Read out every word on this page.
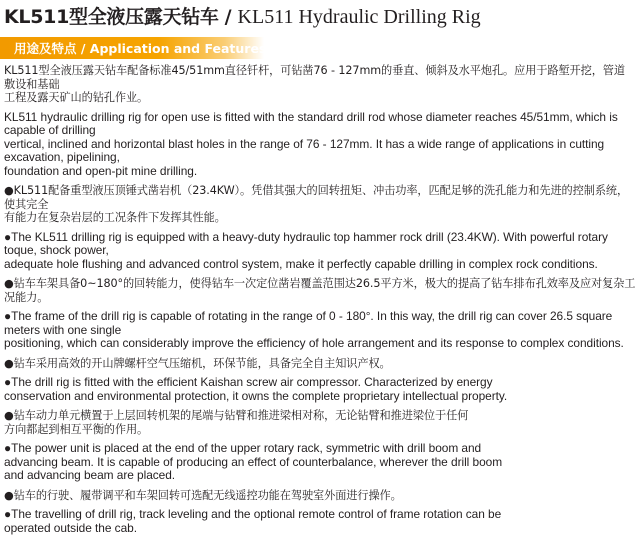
KL511型全液压露天钻车 / KL511 Hydraulic Drilling Rig
用途及特点 / Application and Features

KL511型全液压露天钻车配备标准45/51mm直径钎杆，可钻凿76 - 127mm的垂直、倾斜及水平炮孔。应用于路堑开挖，管道敷设和基础
工程及露天矿山的钻孔作业。

KL511 hydraulic drilling rig for open use is fitted with the standard drill rod whose diameter reaches 45/51mm, which is capable of drilling
vertical, inclined and horizontal blast holes in the range of 76 - 127mm. It has a wide range of applications in cutting excavation, pipelining,
foundation and open-pit mine drilling.

●KL511配备重型液压顶锤式凿岩机（23.4KW）。凭借其强大的回转扭矩、冲击功率，匹配足够的洗孔能力和先进的控制系统，使其完全
有能力在复杂岩层的工况条件下发挥其性能。

●The KL511 drilling rig is equipped with a heavy-duty hydraulic top hammer rock drill (23.4KW). With powerful rotary toque, shock power,
adequate hole flushing and advanced control system, make it perfectly capable drilling in complex rock conditions.

●钻车车架具备0~180°的回转能力，使得钻车一次定位凿岩覆盖范围达26.5平方米，极大的提高了钻车排布孔效率及应对复杂工况能力。

●The frame of the drill rig is capable of rotating in the range of 0 - 180°. In this way, the drill rig can cover 26.5 square meters with one single
positioning, which can considerably improve the efficiency of hole arrangement and its response to complex conditions.

●钻车采用高效的开山牌螺杆空气压缩机，环保节能，具备完全自主知识产权。

●The drill rig is fitted with the efficient Kaishan screw air compressor. Characterized by energy
conservation and environmental protection, it owns the complete proprietary intellectual property.

●钻车动力单元横置于上层回转机架的尾端与钻臂和推进梁相对称，无论钻臂和推进梁位于任何
方向都起到相互平衡的作用。

●The power unit is placed at the end of the upper rotary rack, symmetric with drill boom and
advancing beam. It is capable of producing an effect of counterbalance, wherever the drill boom
and advancing beam are placed.

●钻车的行驶、履带调平和车架回转可选配无线遥控功能在驾驶室外面进行操作。

●The travelling of drill rig, track leveling and the optional remote control of frame rotation can be
operated outside the cab.
